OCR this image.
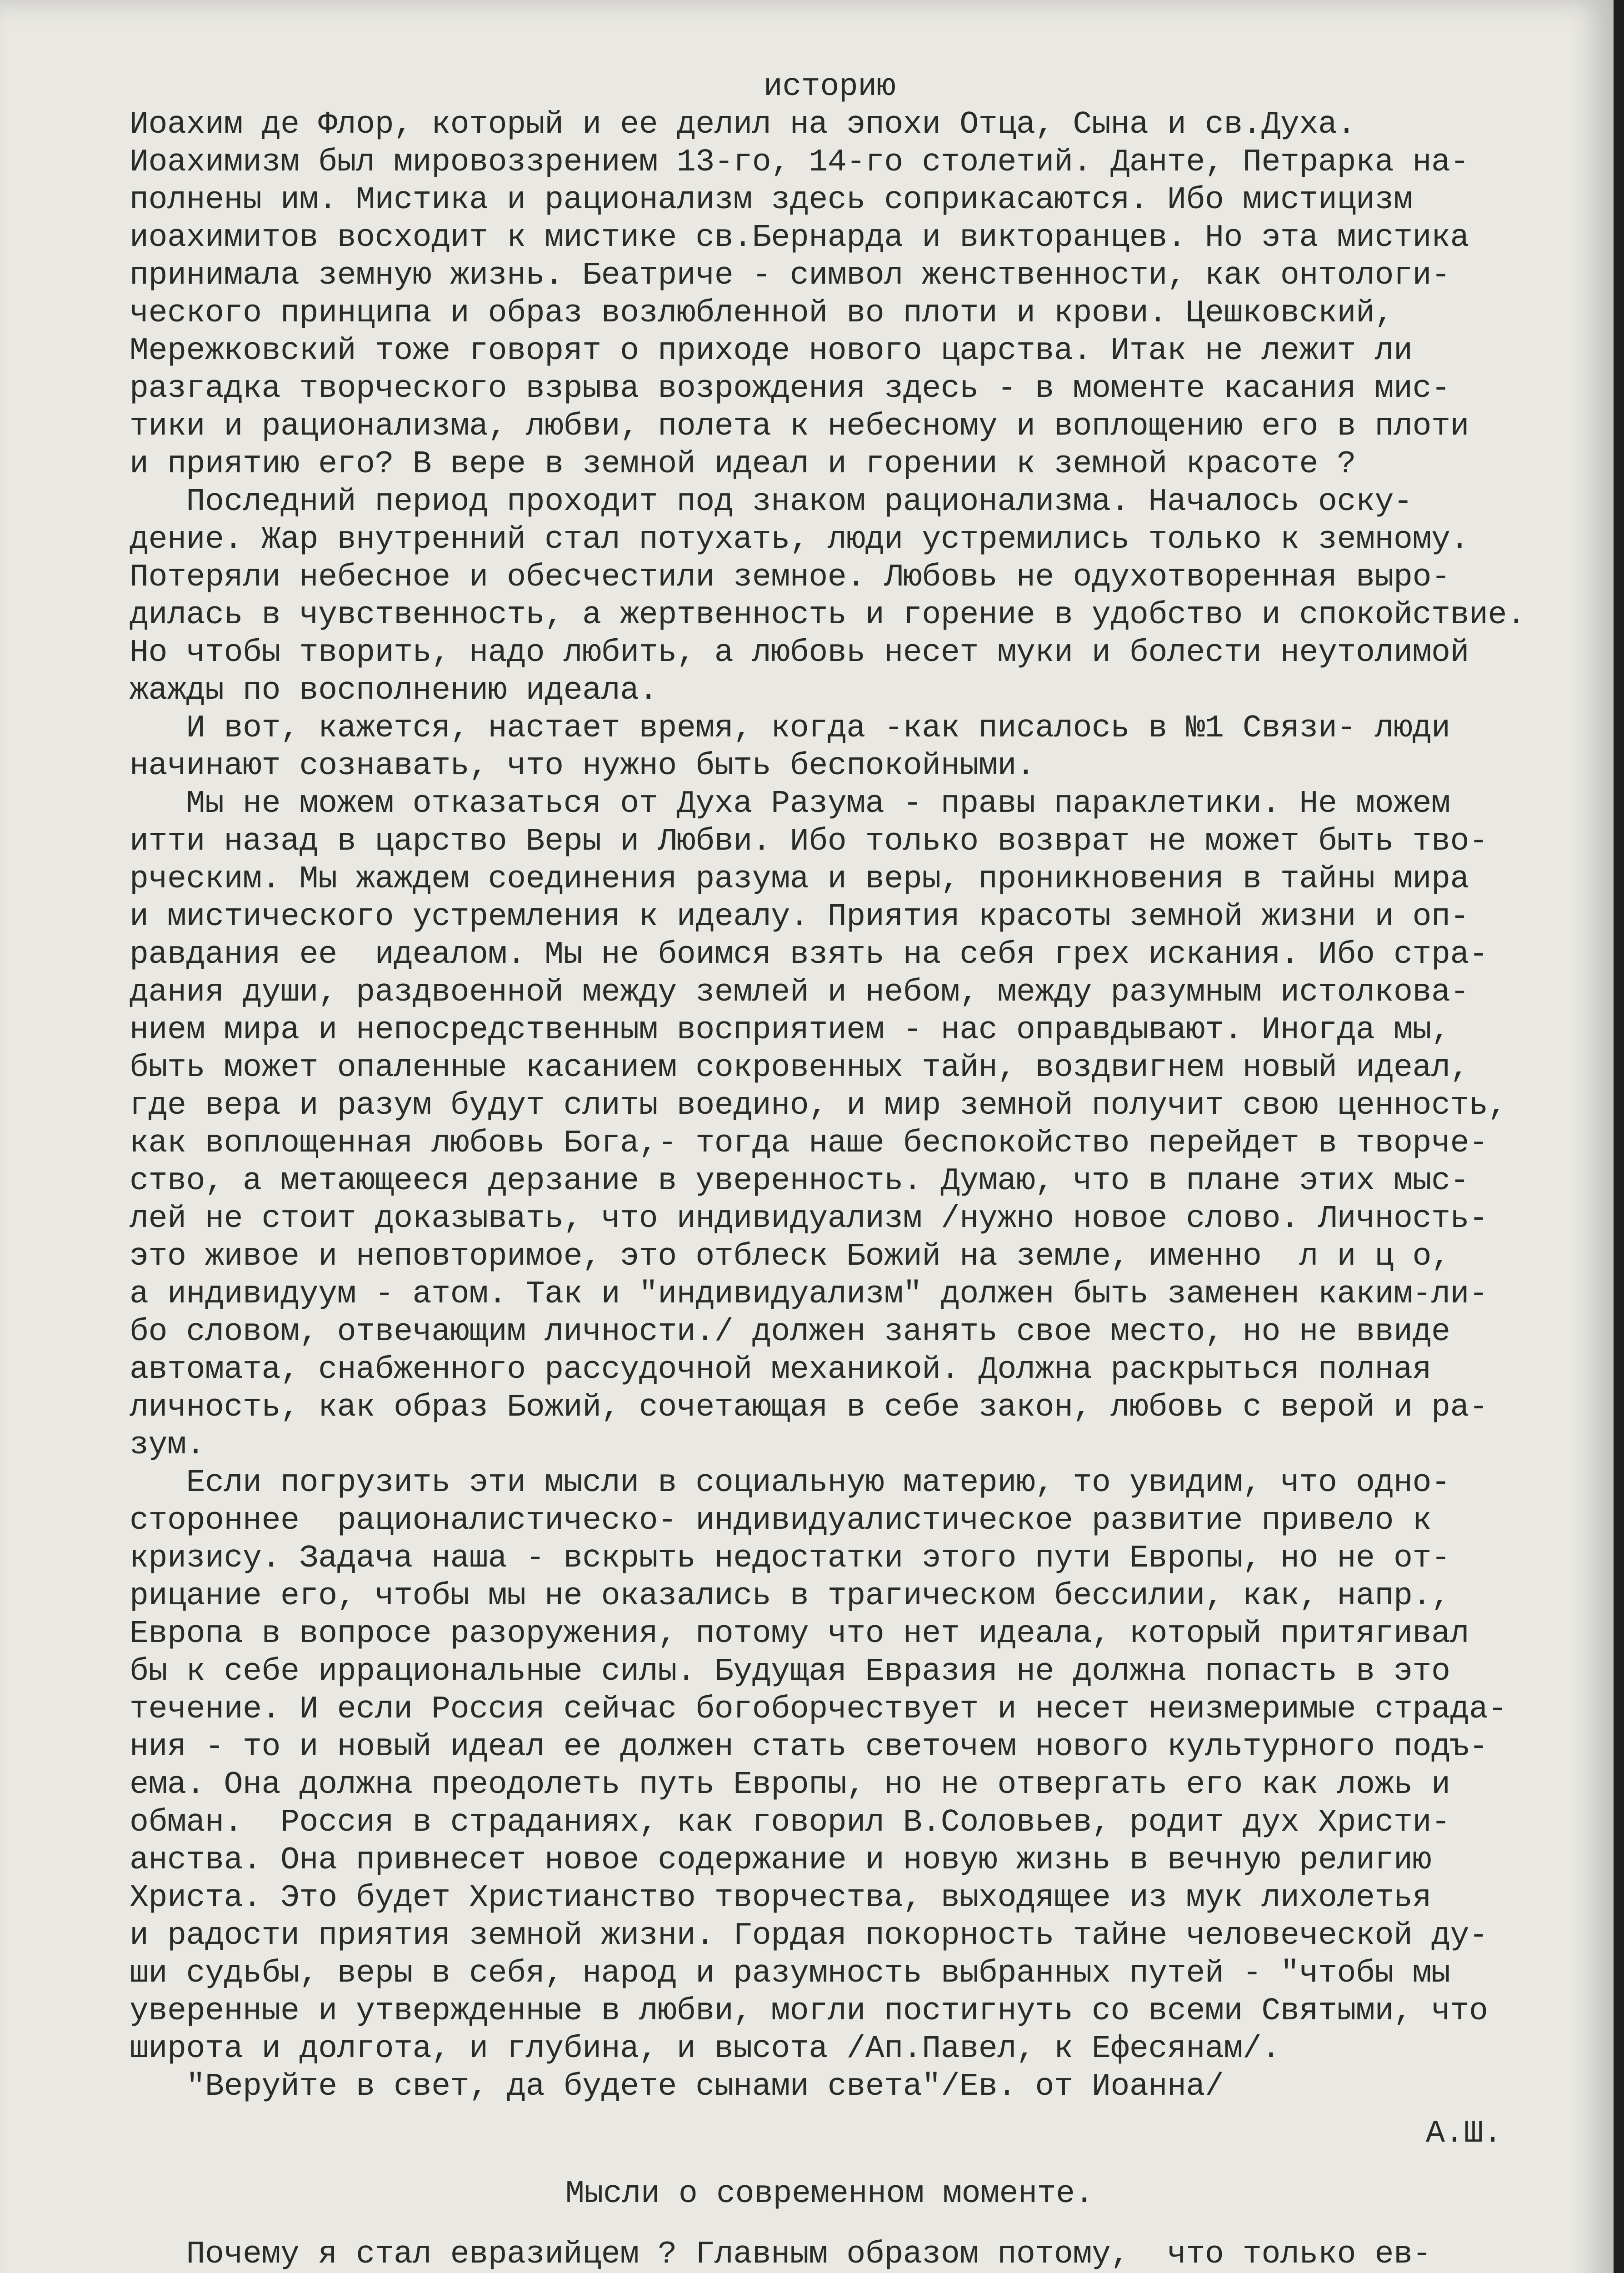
историю
Иоахим де Флор, который и ее делил на эпохи Отца, Сына и св.Духа.
Иоахимизм был мировоззрением 13-го, 14-го столетий. Данте, Петрарка на-
полнены им. Мистика и рационализм здесь соприкасаются. Ибо мистицизм
иоахимитов восходит к мистике св.Бернарда и викторанцев. Но эта мистика
принимала земную жизнь. Беатриче - символ женственности, как онтологи-
ческого принципа и образ возлюбленной во плоти и крови. Цешковский,
Мережковский тоже говорят о приходе нового царства. Итак не лежит ли
разгадка творческого взрыва возрождения здесь - в моменте касания мис-
тики и рационализма, любви, полета к небесному и воплощению его в плоти
и приятию его? В вере в земной идеал и горении к земной красоте ?
Последний период проходит под знаком рационализма. Началось оску-
дение. Жар внутренний стал потухать, люди устремились только к земному.
Потеряли небесное и обесчестили земное. Любовь не одухотворенная выро-
дилась в чувственность, а жертвенность и горение в удобство и спокойствие.
Но чтобы творить, надо любить, а любовь несет муки и болести неутолимой
жажды по восполнению идеала.
И вот, кажется, настает время, когда -как писалось в №1 Связи- люди
начинают сознавать, что нужно быть беспокойными.
Мы не можем отказаться от Духа Разума - правы параклетики. Не можем
итти назад в царство Веры и Любви. Ибо только возврат не может быть тво-
рческим. Мы жаждем соединения разума и веры, проникновения в тайны мира
и мистического устремления к идеалу. Приятия красоты земной жизни и оп-
равдания ее  идеалом. Мы не боимся взять на себя грех искания. Ибо стра-
дания души, раздвоенной между землей и небом, между разумным истолкова-
нием мира и непосредственным восприятием - нас оправдывают. Иногда мы,
быть может опаленные касанием сокровенных тайн, воздвигнем новый идеал,
где вера и разум будут слиты воедино, и мир земной получит свою ценность,
как воплощенная любовь Бога,- тогда наше беспокойство перейдет в творче-
ство, а метающееся дерзание в уверенность. Думаю, что в плане этих мыс-
лей не стоит доказывать, что индивидуализм /нужно новое слово. Личность-
это живое и неповторимое, это отблеск Божий на земле, именно  л и ц о,
а индивидуум - атом. Так и "индивидуализм" должен быть заменен каким-ли-
бо словом, отвечающим личности./ должен занять свое место, но не ввиде
автомата, снабженного рассудочной механикой. Должна раскрыться полная
личность, как образ Божий, сочетающая в себе закон, любовь с верой и ра-
зум.
Если погрузить эти мысли в социальную материю, то увидим, что одно-
стороннее  рационалистическо- индивидуалистическое развитие привело к
кризису. Задача наша - вскрыть недостатки этого пути Европы, но не от-
рицание его, чтобы мы не оказались в трагическом бессилии, как, напр.,
Европа в вопросе разоружения, потому что нет идеала, который притягивал
бы к себе иррациональные силы. Будущая Евразия не должна попасть в это
течение. И если Россия сейчас богоборчествует и несет неизмеримые страда-
ния - то и новый идеал ее должен стать светочем нового культурного подъ-
ема. Она должна преодолеть путь Европы, но не отвергать его как ложь и
обман.  Россия в страданиях, как говорил В.Соловьев, родит дух Христи-
анства. Она привнесет новое содержание и новую жизнь в вечную религию
Христа. Это будет Христианство творчества, выходящее из мук лихолетья
и радости приятия земной жизни. Гордая покорность тайне человеческой ду-
ши судьбы, веры в себя, народ и разумность выбранных путей - "чтобы мы
уверенные и утвержденные в любви, могли постигнуть со всеми Святыми, что
широта и долгота, и глубина, и высота /Ап.Павел, к Ефесянам/.
"Веруйте в свет, да будете сынами света"/Ев. от Иоанна/
А.Ш.
Мысли о современном моменте.
Почему я стал евразийцем ? Главным образом потому,  что только ев-
